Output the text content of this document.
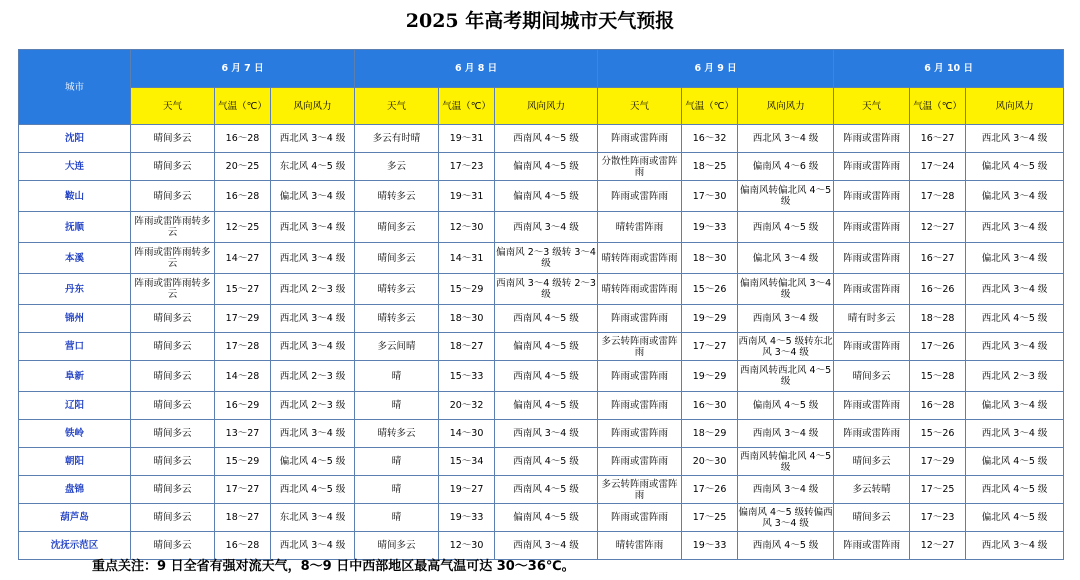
2025 年高考期间城市天气预报
城市	6 月 7 日			6 月 8 日			6 月 9 日			6 月 10 日		
	天气	气温（℃）	风向风力	天气	气温（℃）	风向风力	天气	气温（℃）	风向风力	天气	气温（℃）	风向风力
沈阳	晴间多云	16～28	西北风 3～4 级	多云有时晴	19～31	西南风 4～5 级	阵雨或雷阵雨	16～32	西北风 3～4 级	阵雨或雷阵雨	16～27	西北风 3～4 级
大连	晴间多云	20～25	东北风 4～5 级	多云	17～23	偏南风 4～5 级	分散性阵雨或雷阵雨	18～25	偏南风 4～6 级	阵雨或雷阵雨	17～24	偏北风 4～5 级
鞍山	晴间多云	16～28	偏北风 3～4 级	晴转多云	19～31	偏南风 4～5 级	阵雨或雷阵雨	17～30	偏南风转偏北风 4～5 级	阵雨或雷阵雨	17～28	偏北风 3～4 级
抚顺	阵雨或雷阵雨转多云	12～25	西北风 3～4 级	晴间多云	12～30	西南风 3～4 级	晴转雷阵雨	19～33	西南风 4～5 级	阵雨或雷阵雨	12～27	西北风 3～4 级
本溪	阵雨或雷阵雨转多云	14～27	西北风 3～4 级	晴间多云	14～31	偏南风 2～3 级转 3～4 级	晴转阵雨或雷阵雨	18～30	偏北风 3～4 级	阵雨或雷阵雨	16～27	偏北风 3～4 级
丹东	阵雨或雷阵雨转多云	15～27	西北风 2～3 级	晴转多云	15～29	西南风 3～4 级转 2～3 级	晴转阵雨或雷阵雨	15～26	偏南风转偏北风 3～4 级	阵雨或雷阵雨	16～26	西北风 3～4 级
锦州	晴间多云	17～29	西北风 3～4 级	晴转多云	18～30	西南风 4～5 级	阵雨或雷阵雨	19～29	西南风 3～4 级	晴有时多云	18～28	西北风 4～5 级
营口	晴间多云	17～28	西北风 3～4 级	多云间晴	18～27	偏南风 4～5 级	多云转阵雨或雷阵雨	17～27	西南风 4～5 级转东北风 3～4 级	阵雨或雷阵雨	17～26	西北风 3～4 级
阜新	晴间多云	14～28	西北风 2～3 级	晴	15～33	西南风 4～5 级	阵雨或雷阵雨	19～29	西南风转西北风 4～5 级	晴间多云	15～28	西北风 2～3 级
辽阳	晴间多云	16～29	西北风 2～3 级	晴	20～32	偏南风 4～5 级	阵雨或雷阵雨	16～30	偏南风 4～5 级	阵雨或雷阵雨	16～28	偏北风 3～4 级
铁岭	晴间多云	13～27	西北风 3～4 级	晴转多云	14～30	西南风 3～4 级	阵雨或雷阵雨	18～29	西南风 3～4 级	阵雨或雷阵雨	15～26	西北风 3～4 级
朝阳	晴间多云	15～29	偏北风 4～5 级	晴	15～34	西南风 4～5 级	阵雨或雷阵雨	20～30	西南风转偏北风 4～5 级	晴间多云	17～29	偏北风 4～5 级
盘锦	晴间多云	17～27	西北风 4～5 级	晴	19～27	西南风 4～5 级	多云转阵雨或雷阵雨	17～26	西南风 3～4 级	多云转晴	17～25	西北风 4～5 级
葫芦岛	晴间多云	18～27	东北风 3～4 级	晴	19～33	偏南风 4～5 级	阵雨或雷阵雨	17～25	偏南风 4～5 级转偏西风 3～4 级	晴间多云	17～23	偏北风 4～5 级
沈抚示范区	晴间多云	16～28	西北风 3～4 级	晴间多云	12～30	西南风 3～4 级	晴转雷阵雨	19～33	西南风 4～5 级	阵雨或雷阵雨	12～27	西北风 3～4 级
重点关注：9 日全省有强对流天气，8～9 日中西部地区最高气温可达 30～36℃。
